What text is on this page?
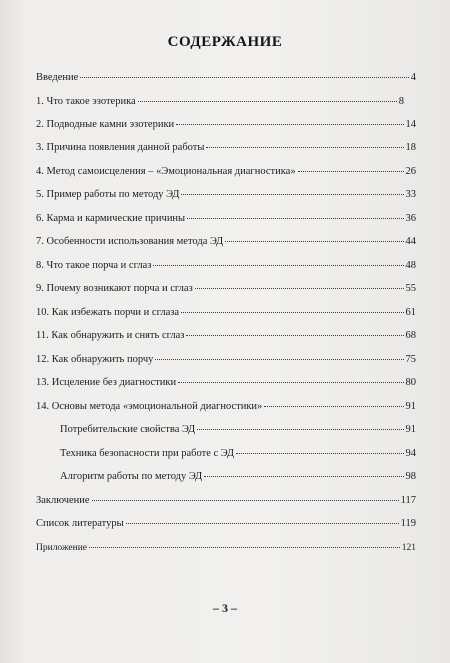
СОДЕРЖАНИЕ
Введение	4
1. Что такое эзотерика	8
2. Подводные камни эзотерики	14
3. Причина появления данной работы	18
4. Метод самоисцеления – «Эмоциональная диагностика»	26
5. Пример работы по методу ЭД	33
6. Карма и кармические причины	36
7. Особенности использования метода ЭД	44
8. Что такое порча и сглаз	48
9. Почему возникают порча и сглаз	55
10. Как избежать порчи и сглаза	61
11. Как обнаружить и снять сглаз	68
12. Как обнаружить порчу	75
13. Исцеление без диагностики	80
14. Основы метода «эмоциональной диагностики»	91
Потребительские свойства ЭД	91
Техника безопасности при работе с ЭД	94
Алгоритм работы по методу ЭД	98
Заключение	117
Список литературы	119
Приложение	121
– 3 –
